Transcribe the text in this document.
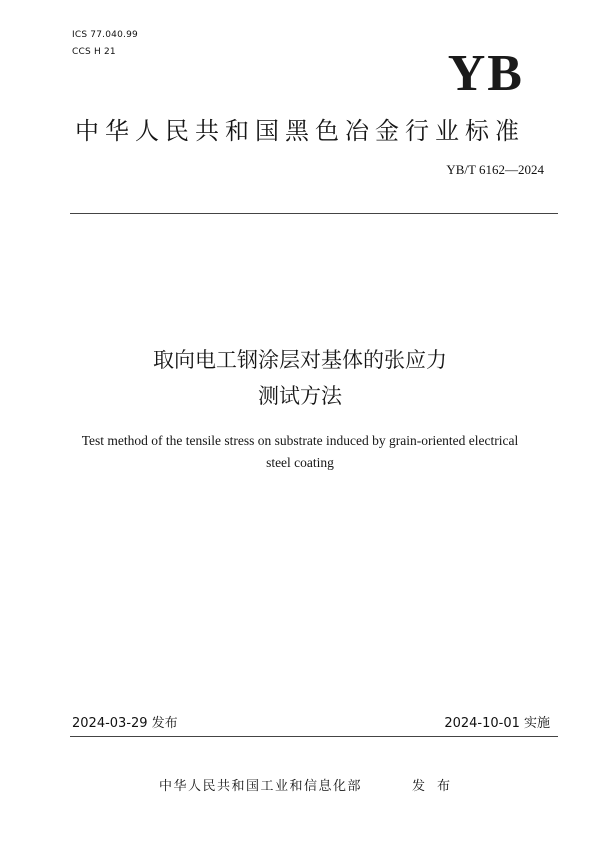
ICS 77.040.99
CCS H 21	YB
中华人民共和国黑色冶金行业标准
YB/T 6162—2024
取向电工钢涂层对基体的张应力
测试方法
Test method of the tensile stress on substrate induced by grain-oriented electrical
steel coating
2024-03-29 发布	2024-10-01 实施
中华人民共和国工业和信息化部	发布
